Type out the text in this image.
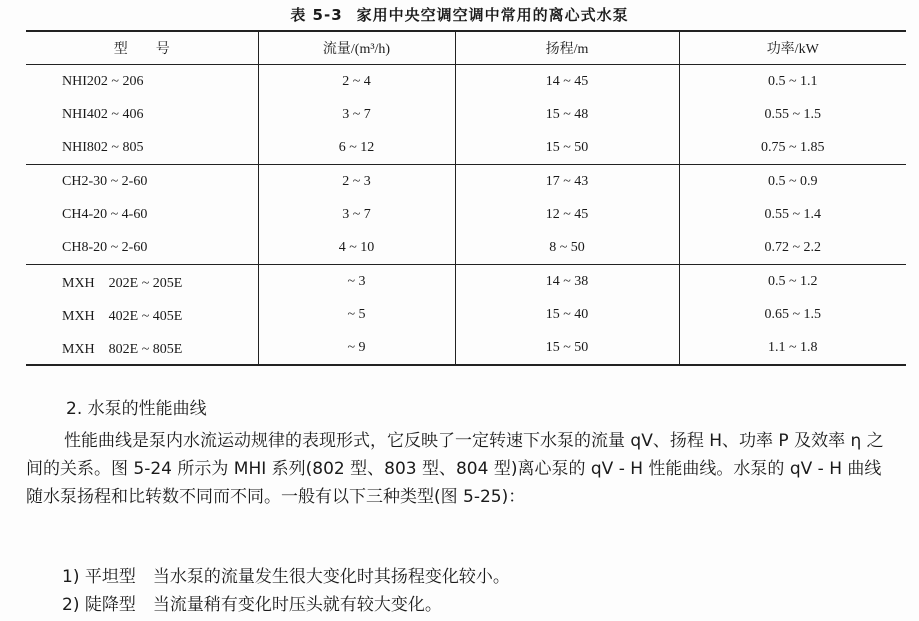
表 5-3 家用中央空调空调中常用的离心式水泵
型　　号	流量/(m³/h)	扬程/m	功率/kW
NHI202 ~ 206	2 ~ 4	14 ~ 45	0.5 ~ 1.1
NHI402 ~ 406	3 ~ 7	15 ~ 48	0.55 ~ 1.5
NHI802 ~ 805	6 ~ 12	15 ~ 50	0.75 ~ 1.85
CH2-30 ~ 2-60	2 ~ 3	17 ~ 43	0.5 ~ 0.9
CH4-20 ~ 4-60	3 ~ 7	12 ~ 45	0.55 ~ 1.4
CH8-20 ~ 2-60	4 ~ 10	8 ~ 50	0.72 ~ 2.2
MXH　202E ~ 205E	~ 3	14 ~ 38	0.5 ~ 1.2
MXH　402E ~ 405E	~ 5	15 ~ 40	0.65 ~ 1.5
MXH　802E ~ 805E	~ 9	15 ~ 50	1.1 ~ 1.8
2. 水泵的性能曲线
性能曲线是泵内水流运动规律的表现形式，它反映了一定转速下水泵的流量 qV、扬程 H、功率 P 及效率 η 之间的关系。图 5-24 所示为 MHI 系列(802 型、803 型、804 型)离心泵的 qV - H 性能曲线。水泵的 qV - H 曲线随水泵扬程和比转数不同而不同。一般有以下三种类型(图 5-25)：
1) 平坦型　当水泵的流量发生很大变化时其扬程变化较小。
2) 陡降型　当流量稍有变化时压头就有较大变化。
